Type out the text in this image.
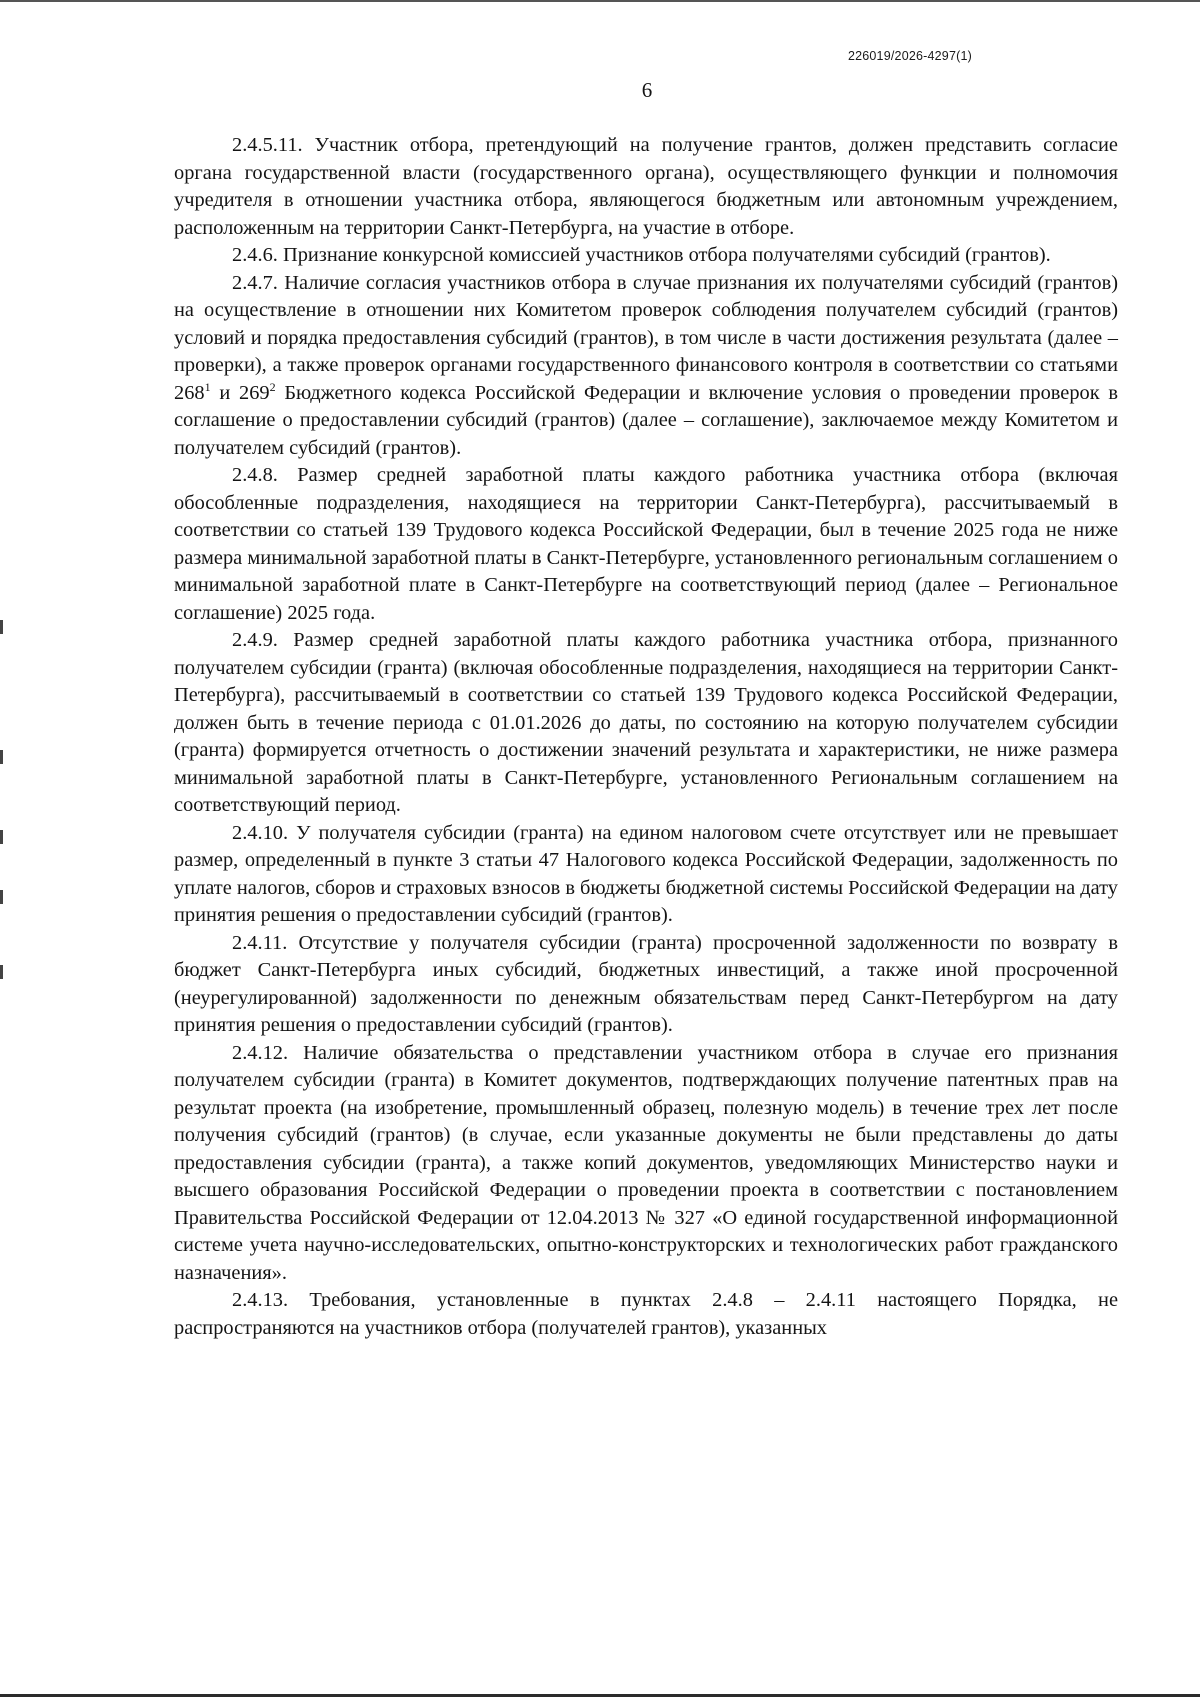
226019/2026-4297(1)
6

2.4.5.11. Участник отбора, претендующий на получение грантов, должен представить согласие органа государственной власти (государственного органа), осуществляющего функции и полномочия учредителя в отношении участника отбора, являющегося бюджетным или автономным учреждением, расположенным на территории Санкт-Петербурга, на участие в отборе.

2.4.6. Признание конкурсной комиссией участников отбора получателями субсидий (грантов).

2.4.7. Наличие согласия участников отбора в случае признания их получателями субсидий (грантов) на осуществление в отношении них Комитетом проверок соблюдения получателем субсидий (грантов) условий и порядка предоставления субсидий (грантов), в том числе в части достижения результата (далее – проверки), а также проверок органами государственного финансового контроля в соответствии со статьями $268^1$ и $269^2$ Бюджетного кодекса Российской Федерации и включение условия о проведении проверок в соглашение о предоставлении субсидий (грантов) (далее – соглашение), заключаемое между Комитетом и получателем субсидий (грантов).

2.4.8. Размер средней заработной платы каждого работника участника отбора (включая обособленные подразделения, находящиеся на территории Санкт-Петербурга), рассчитываемый в соответствии со статьей 139 Трудового кодекса Российской Федерации, был в течение 2025 года не ниже размера минимальной заработной платы в Санкт-Петербурге, установленного региональным соглашением о минимальной заработной плате в Санкт-Петербурге на соответствующий период (далее – Региональное соглашение) 2025 года.

2.4.9. Размер средней заработной платы каждого работника участника отбора, признанного получателем субсидии (гранта) (включая обособленные подразделения, находящиеся на территории Санкт-Петербурга), рассчитываемый в соответствии со статьей 139 Трудового кодекса Российской Федерации, должен быть в течение периода с 01.01.2026 до даты, по состоянию на которую получателем субсидии (гранта) формируется отчетность о достижении значений результата и характеристики, не ниже размера минимальной заработной платы в Санкт-Петербурге, установленного Региональным соглашением на соответствующий период.

2.4.10. У получателя субсидии (гранта) на едином налоговом счете отсутствует или не превышает размер, определенный в пункте 3 статьи 47 Налогового кодекса Российской Федерации, задолженность по уплате налогов, сборов и страховых взносов в бюджеты бюджетной системы Российской Федерации на дату принятия решения о предоставлении субсидий (грантов).

2.4.11. Отсутствие у получателя субсидии (гранта) просроченной задолженности по возврату в бюджет Санкт-Петербурга иных субсидий, бюджетных инвестиций, а также иной просроченной (неурегулированной) задолженности по денежным обязательствам перед Санкт-Петербургом на дату принятия решения о предоставлении субсидий (грантов).

2.4.12. Наличие обязательства о представлении участником отбора в случае его признания получателем субсидии (гранта) в Комитет документов, подтверждающих получение патентных прав на результат проекта (на изобретение, промышленный образец, полезную модель) в течение трех лет после получения субсидий (грантов) (в случае, если указанные документы не были представлены до даты предоставления субсидии (гранта), а также копий документов, уведомляющих Министерство науки и высшего образования Российской Федерации о проведении проекта в соответствии с постановлением Правительства Российской Федерации от 12.04.2013 № 327 «О единой государственной информационной системе учета научно-исследовательских, опытно-конструкторских и технологических работ гражданского назначения».

2.4.13. Требования, установленные в пунктах 2.4.8 – 2.4.11 настоящего Порядка, не распространяются на участников отбора (получателей грантов), указанных
